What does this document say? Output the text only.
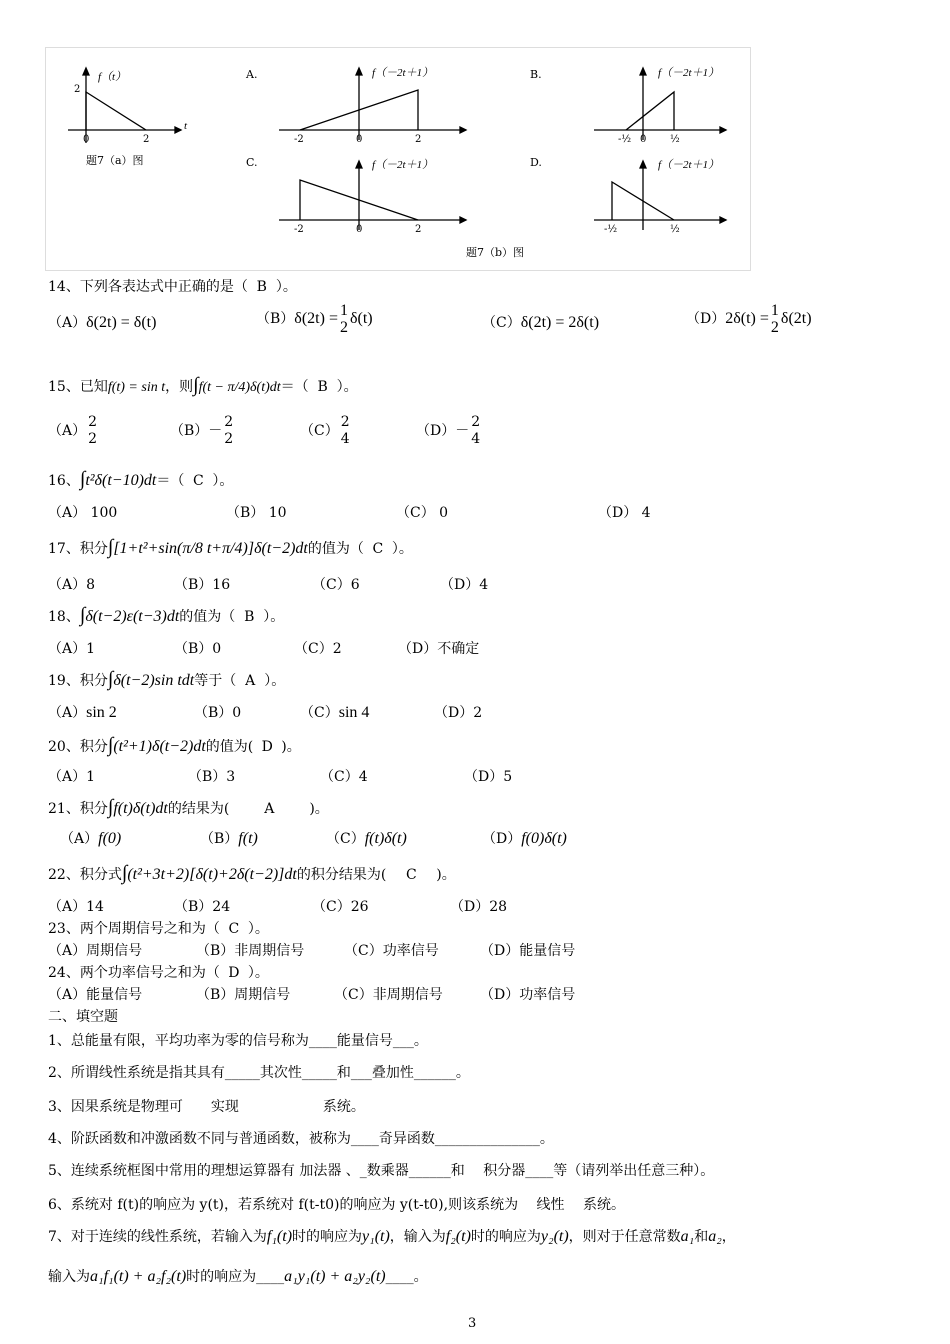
f（t）
2
0	2
t
题7（a）图
A.	f（－2t＋1）
-2	0	2
B.	f（－2t＋1）
-½ 0 ½
C.	f（－2t＋1）
-2	0	2
D.	f（－2t＋1）
-½	½
题7（b）图
14、下列各表达式中正确的是（ B ）。
（A）δ(2t) = δ(t)	（B）δ(2t) = 1
2
δ(t)	（C）δ(2t) = 2δ(t)	（D）2δ(t) = 1
2
δ(2t)
15、已知f(t) = sin t，则∫f(t − π/4)δ(t)dt＝（ B ）。
（A）
2
2	（B）－
2
2	（C）
2
4	（D）－
2
4
16、∫t²δ(t−10)dt＝（ C ）。
（A） 100	（B） 10	（C） 0	（D） 4
17、积分∫[1+t²+sin(π/8 t+π/4)]δ(t−2)dt的值为（ C ）。
（A）8	（B）16	（C）6	（D）4
18、∫δ(t−2)ε(t−3)dt的值为（ B ）。
（A）1	（B）0	（C）2	（D）不确定
19、积分∫δ(t−2)sin tdt等于（ A ）。
（A）sin 2	（B）0	（C）sin 4	（D）2
20、积分∫(t²+1)δ(t−2)dt的值为( D )。
（A）1	（B）3	（C）4	（D）5
21、积分∫f(t)δ(t)dt的结果为( A )。
（A）f(0)	（B）f(t)	（C）f(t)δ(t)	（D）f(0)δ(t)
22、积分式∫(t²+3t+2)[δ(t)+2δ(t−2)]dt的积分结果为( C )。
（A）14	（B）24	（C）26	（D）28
23、两个周期信号之和为（ C ）。
（A）周期信号	（B）非周期信号	（C）功率信号	（D）能量信号
24、两个功率信号之和为（ D ）。
（A）能量信号	（B）周期信号	（C）非周期信号	（D）功率信号
二、填空题
1、总能量有限，平均功率为零的信号称为____能量信号___。
2、所谓线性系统是指其具有_____其次性_____和___叠加性______。
3、因果系统是物理可　　实现　　　　　　系统。
4、阶跃函数和冲激函数不同与普通函数，被称为____奇异函数_______________。
5、连续系统框图中常用的理想运算器有 加法器 、_数乘器______和　 积分器____等（请列举出任意三种）。
6、系统对 f(t)的响应为 y(t)，若系统对 f(t-t0)的响应为 y(t-t0),则该系统为　 线性　 系统。
7、对于连续的线性系统，若输入为f₁(t)时的响应为y₁(t)，输入为f₂(t)时的响应为y₂(t)，则对于任意常数a₁和a₂，
输入为a₁f₁(t) + a₂f₂(t)时的响应为____a₁y₁(t) + a₂y₂(t)____。
3
